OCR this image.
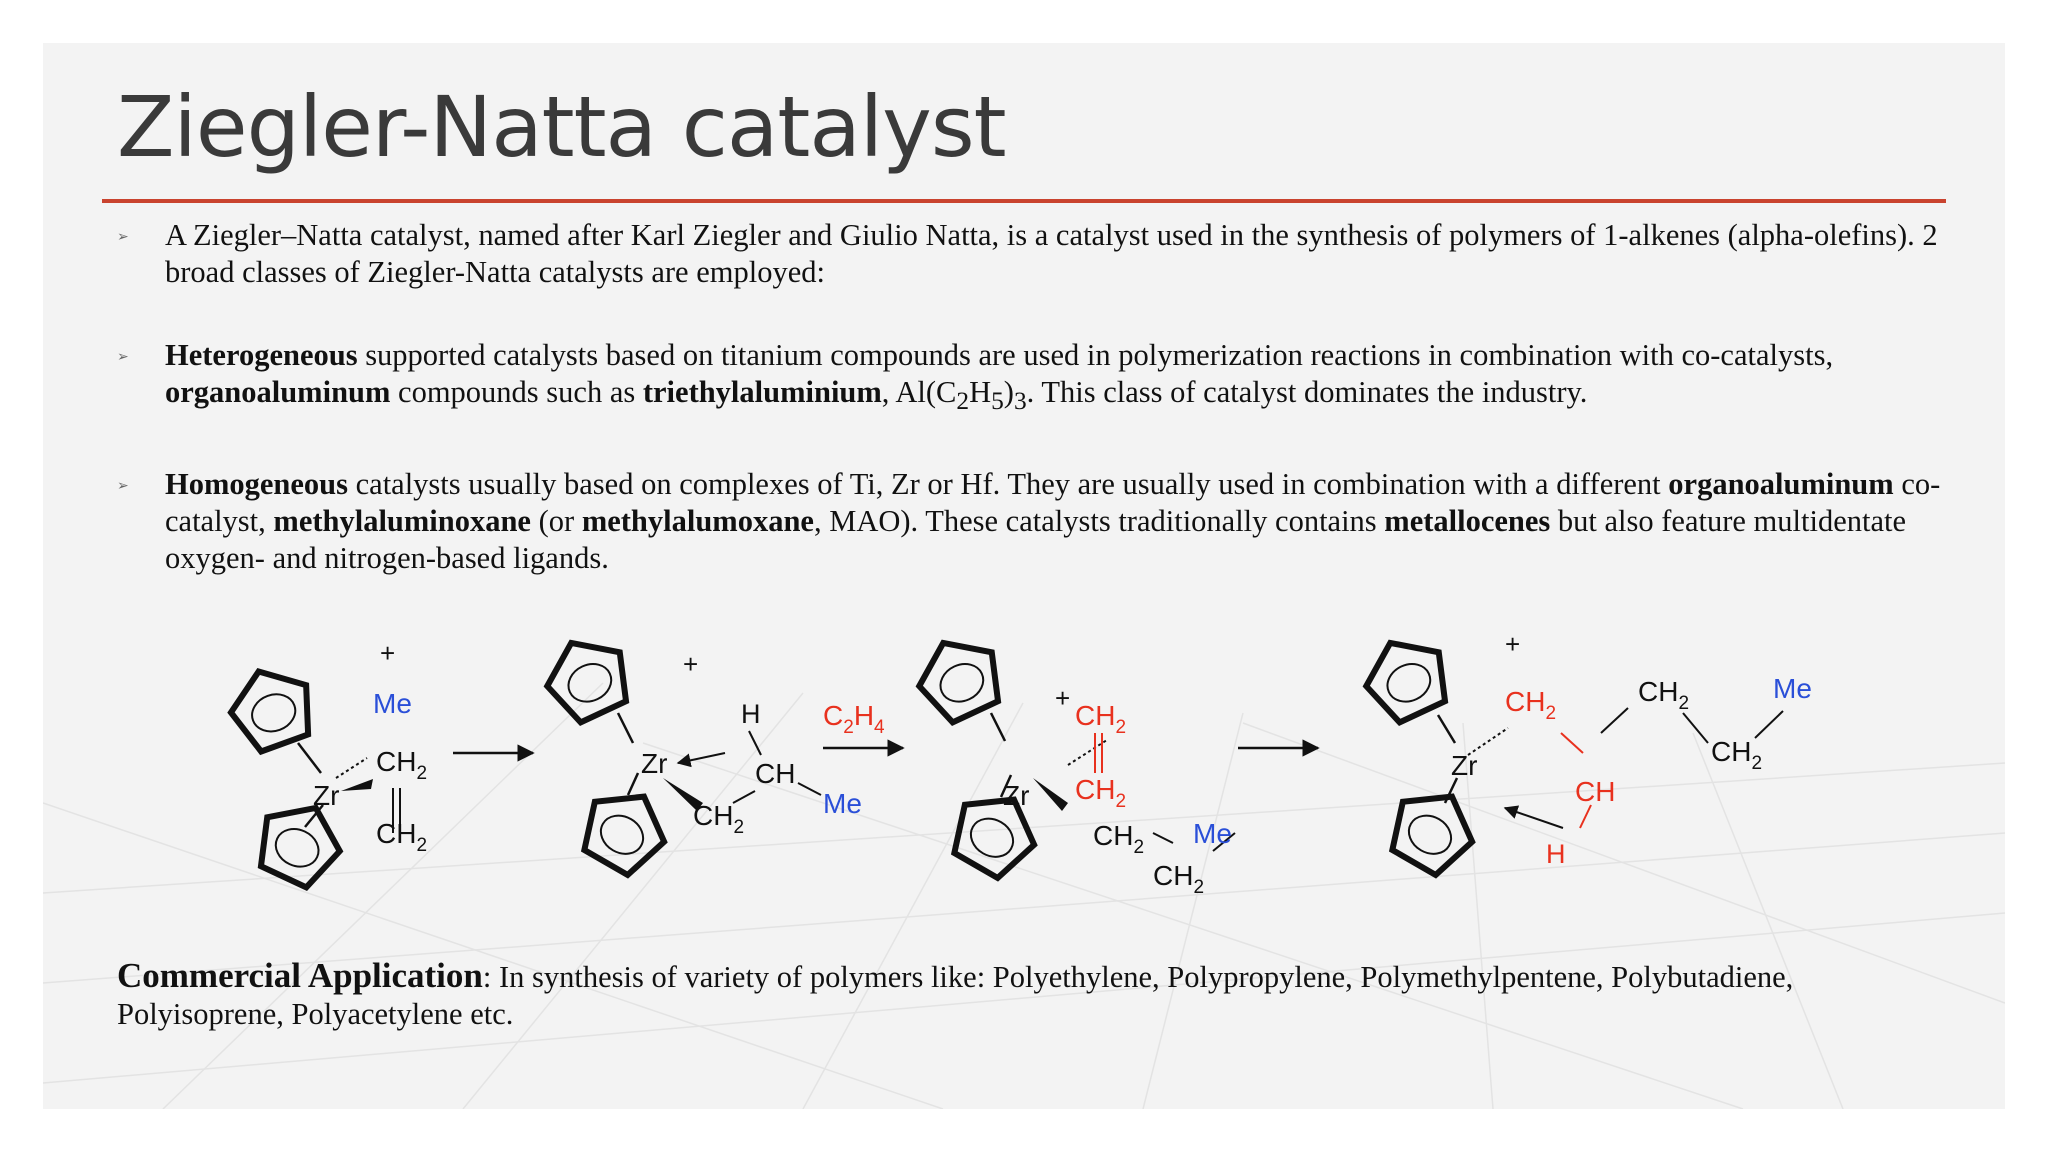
Ziegler-Natta catalyst
➢ A Ziegler–Natta catalyst, named after Karl Ziegler and Giulio Natta, is a catalyst used in the synthesis of polymers of 1-alkenes (alpha-olefins). 2 broad classes of Ziegler-Natta catalysts are employed:
➢ Heterogeneous supported catalysts based on titanium compounds are used in polymerization reactions in combination with co-catalysts, organoaluminum compounds such as triethylaluminium, $Al(C_2H_5)_3$. This class of catalyst dominates the industry.
➢ Homogeneous catalysts usually based on complexes of Ti, Zr or Hf. They are usually used in combination with a different organoaluminum co-catalyst, methylaluminoxane (or methylalumoxane, MAO). These catalysts traditionally contains metallocenes but also feature multidentate oxygen- and nitrogen-based ligands.
+
Me
Zr
$CH_2$
$CH_2$
+
H
Zr	CH
$CH_2$
Me
$C_2H_4$
+
$CH_2$
$CH_2$
Zr
$CH_2$
$CH_2$
Me
+
$CH_2$
Zr
CH
H
$CH_2$
$CH_2$
Me
Commercial Application: In synthesis of variety of polymers like: Polyethylene, Polypropylene, Polymethylpentene, Polybutadiene, Polyisoprene, Polyacetylene etc.
